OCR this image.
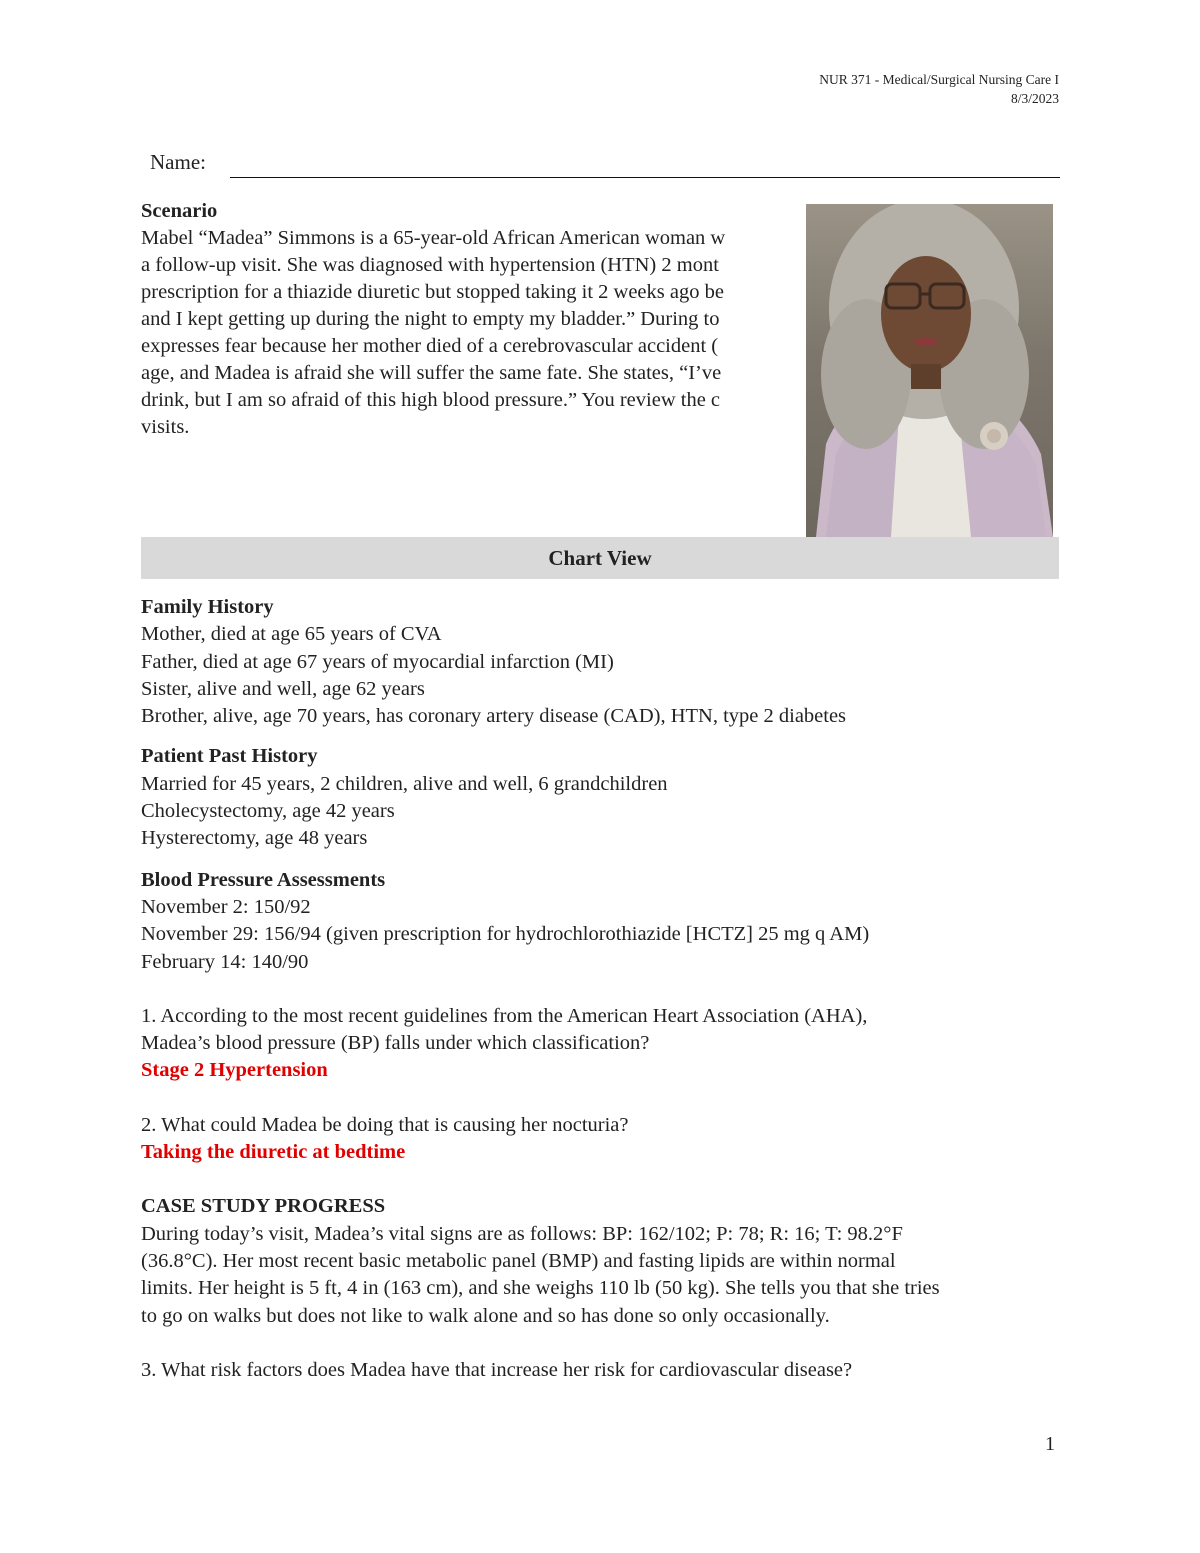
NUR 371 - Medical/Surgical Nursing Care I
8/3/2023
Name:
Scenario
Mabel “Madea” Simmons is a 65-year-old African American woman w
a follow-up visit. She was diagnosed with hypertension (HTN) 2 mont
prescription for a thiazide diuretic but stopped taking it 2 weeks ago be
and I kept getting up during the night to empty my bladder.” During to
expresses fear because her mother died of a cerebrovascular accident (
age, and Madea is afraid she will suffer the same fate. She states, “I’ve
drink, but I am so afraid of this high blood pressure.” You review the c
visits.
Chart View
Family History
Mother, died at age 65 years of CVA
Father, died at age 67 years of myocardial infarction (MI)
Sister, alive and well, age 62 years
Brother, alive, age 70 years, has coronary artery disease (CAD), HTN, type 2 diabetes
Patient Past History
Married for 45 years, 2 children, alive and well, 6 grandchildren
Cholecystectomy, age 42 years
Hysterectomy, age 48 years
Blood Pressure Assessments
November 2: 150/92
November 29: 156/94 (given prescription for hydrochlorothiazide [HCTZ] 25 mg q AM)
February 14: 140/90
1. According to the most recent guidelines from the American Heart Association (AHA),
Madea’s blood pressure (BP) falls under which classification?
Stage 2 Hypertension
2. What could Madea be doing that is causing her nocturia?
Taking the diuretic at bedtime
CASE STUDY PROGRESS
During today’s visit, Madea’s vital signs are as follows: BP: 162/102; P: 78; R: 16; T: 98.2°F
(36.8°C). Her most recent basic metabolic panel (BMP) and fasting lipids are within normal
limits. Her height is 5 ft, 4 in (163 cm), and she weighs 110 lb (50 kg). She tells you that she tries
to go on walks but does not like to walk alone and so has done so only occasionally.
3. What risk factors does Madea have that increase her risk for cardiovascular disease?
1
